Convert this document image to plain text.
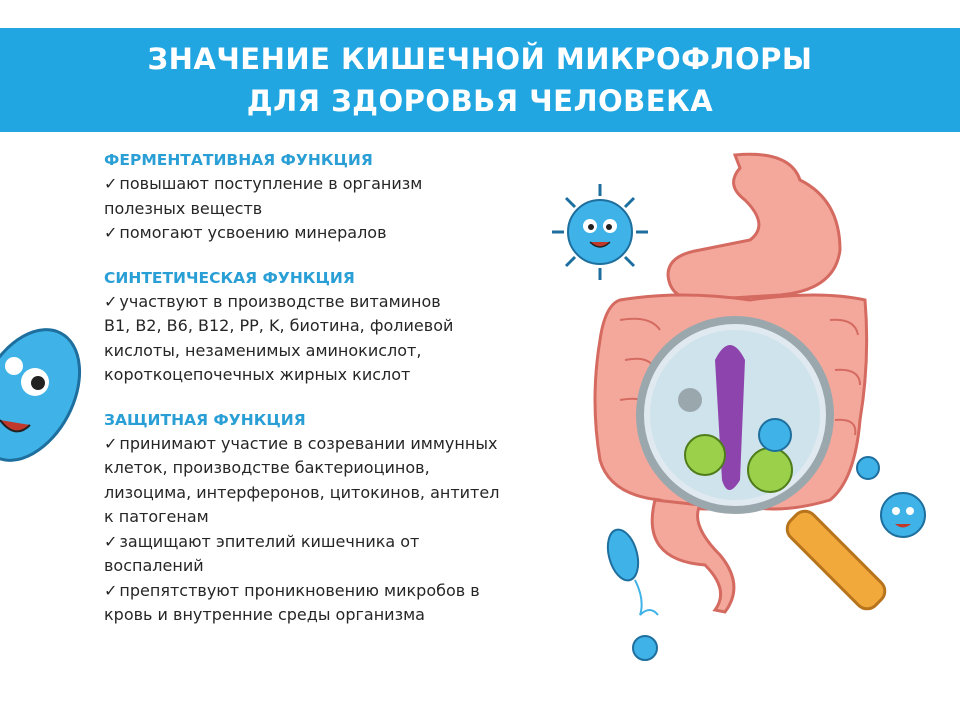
ЗНАЧЕНИЕ КИШЕЧНОЙ МИКРОФЛОРЫ
ДЛЯ ЗДОРОВЬЯ ЧЕЛОВЕКА
ФЕРМЕНТАТИВНАЯ ФУНКЦИЯ
✓ повышают поступление в организм
полезных веществ
✓ помогают усвоению минералов
СИНТЕТИЧЕСКАЯ ФУНКЦИЯ
✓ участвуют в производстве витаминов
B1, B2, B6, B12, PP, K, биотина, фолиевой
кислоты, незаменимых аминокислот,
короткоцепочечных жирных кислот
ЗАЩИТНАЯ ФУНКЦИЯ
✓ принимают участие в созревании иммунных
клеток, производстве бактериоцинов,
лизоцима, интерферонов, цитокинов, антител
к патогенам
✓ защищают эпителий кишечника от
воспалений
✓ препятствуют проникновению микробов в
кровь и внутренние среды организма
